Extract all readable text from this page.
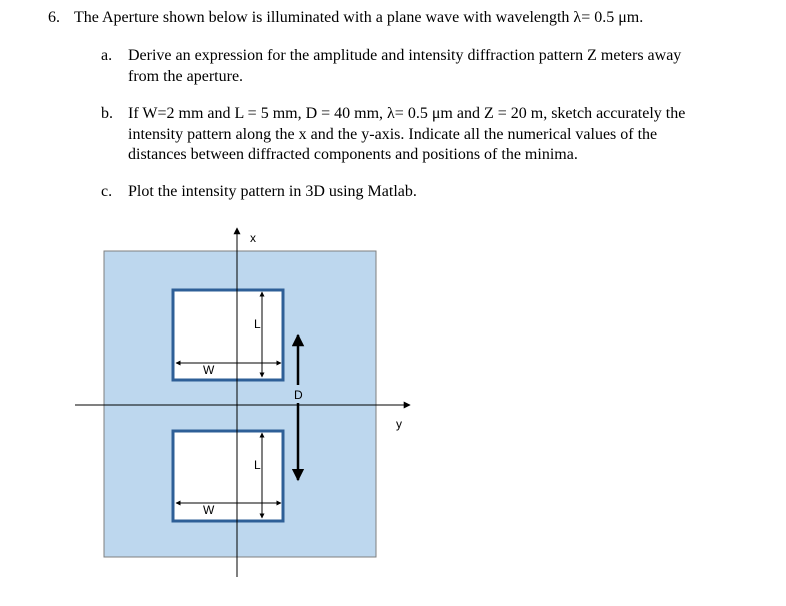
6. The Aperture shown below is illuminated with a plane wave with wavelength λ= 0.5 μm.
a. Derive an expression for the amplitude and intensity diffraction pattern Z meters away
from the aperture.
b. If W=2 mm and L = 5 mm, D = 40 mm, λ= 0.5 μm and Z = 20 m, sketch accurately the
intensity pattern along the x and the y-axis. Indicate all the numerical values of the
distances between diffracted components and positions of the minima.
c. Plot the intensity pattern in 3D using Matlab.
x
y
L
W
L
W
D
